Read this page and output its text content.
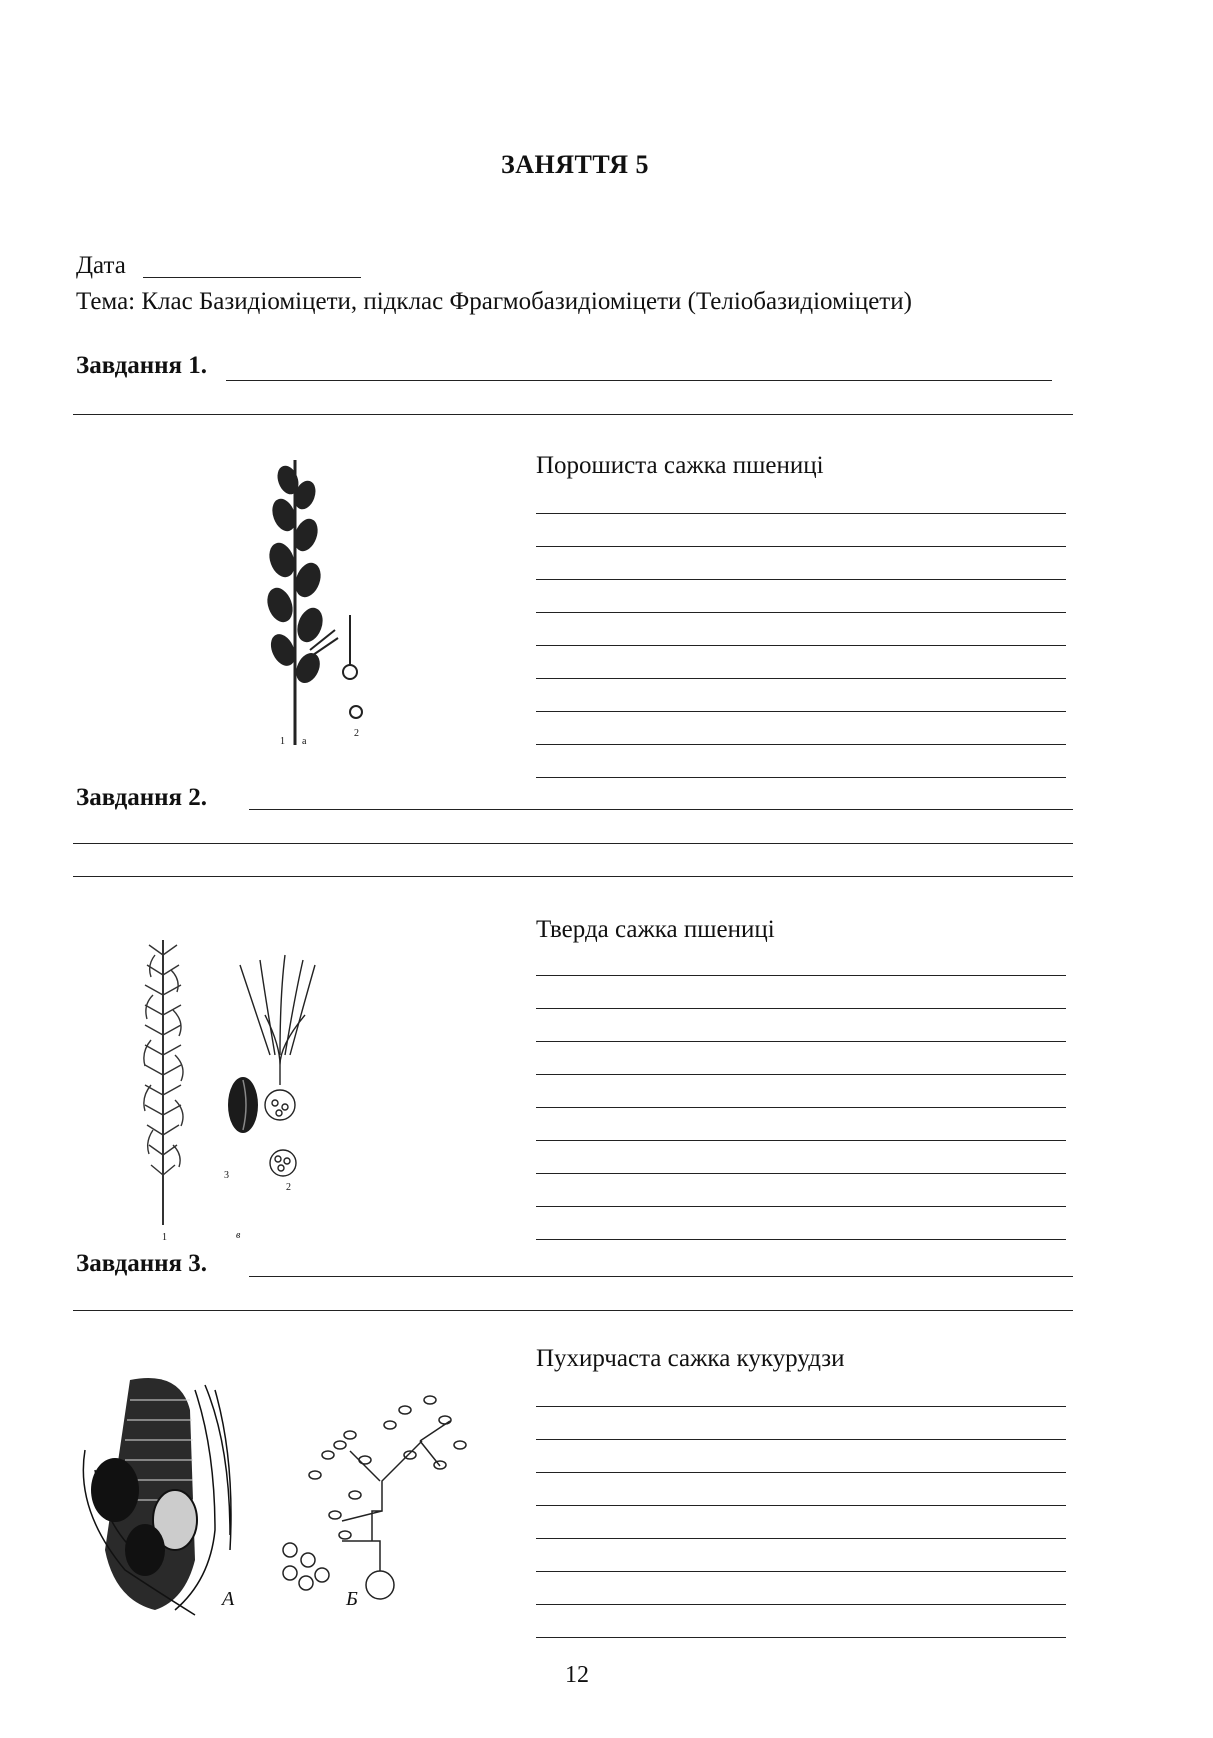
ЗАНЯТТЯ 5
Дата
Тема: Клас Базидіоміцети, підклас Фрагмобазидіоміцети (Теліобазидіоміцети)
Завдання 1.
Порошиста сажка пшениці
1 а
2
Завдання 2.
Тверда сажка пшениці
1	в
3
2
Завдання 3.
Пухирчаста сажка кукурудзи
А	Б
12
